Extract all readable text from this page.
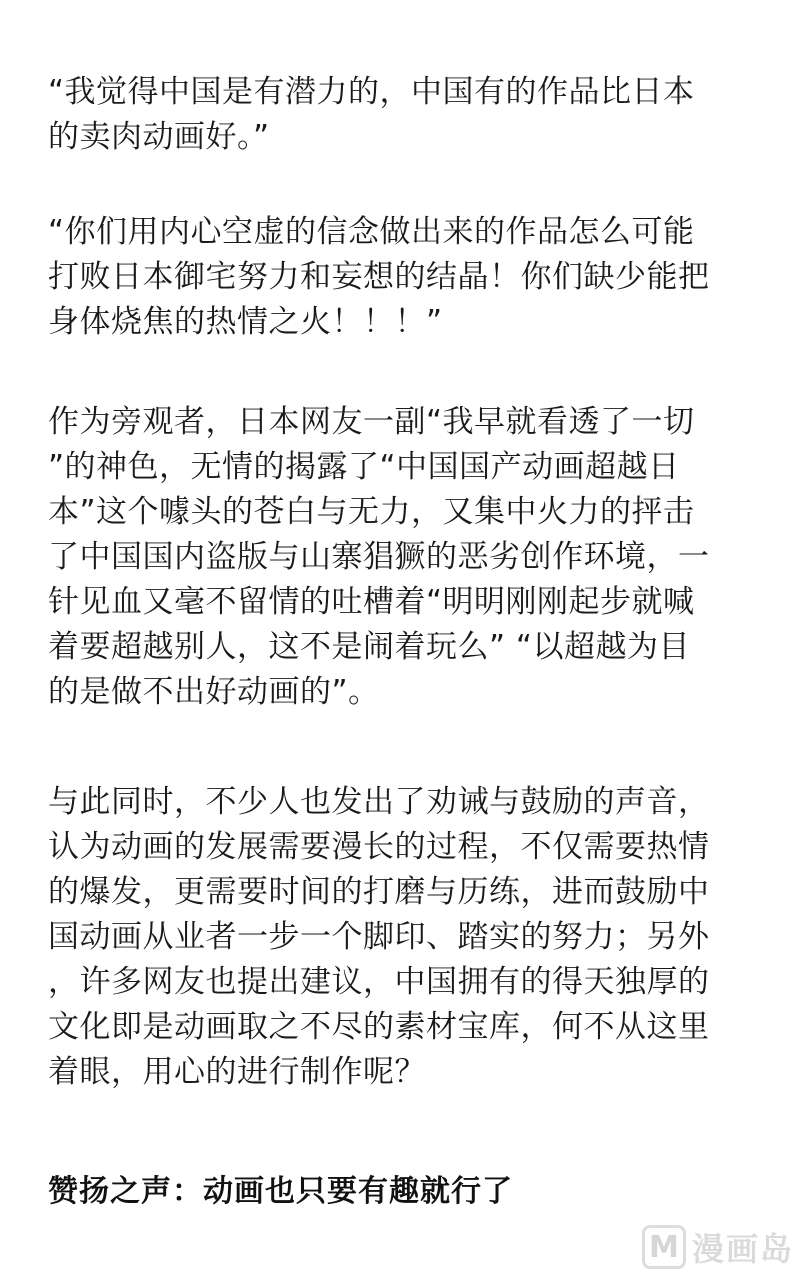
“我觉得中国是有潜力的，中国有的作品比日本
的卖肉动画好。”

“你们用内心空虚的信念做出来的作品怎么可能
打败日本御宅努力和妄想的结晶！你们缺少能把
身体烧焦的热情之火！！！”

作为旁观者，日本网友一副“我早就看透了一切
”的神色，无情的揭露了“中国国产动画超越日
本”这个噱头的苍白与无力，又集中火力的抨击
了中国国内盗版与山寨猖獗的恶劣创作环境，一
针见血又毫不留情的吐槽着“明明刚刚起步就喊
着要超越别人，这不是闹着玩么” “以超越为目
的是做不出好动画的”。

与此同时，不少人也发出了劝诫与鼓励的声音，
认为动画的发展需要漫长的过程，不仅需要热情
的爆发，更需要时间的打磨与历练，进而鼓励中
国动画从业者一步一个脚印、踏实的努力；另外
，许多网友也提出建议，中国拥有的得天独厚的
文化即是动画取之不尽的素材宝库，何不从这里
着眼，用心的进行制作呢？

赞扬之声：动画也只要有趣就行了
M 漫画岛
